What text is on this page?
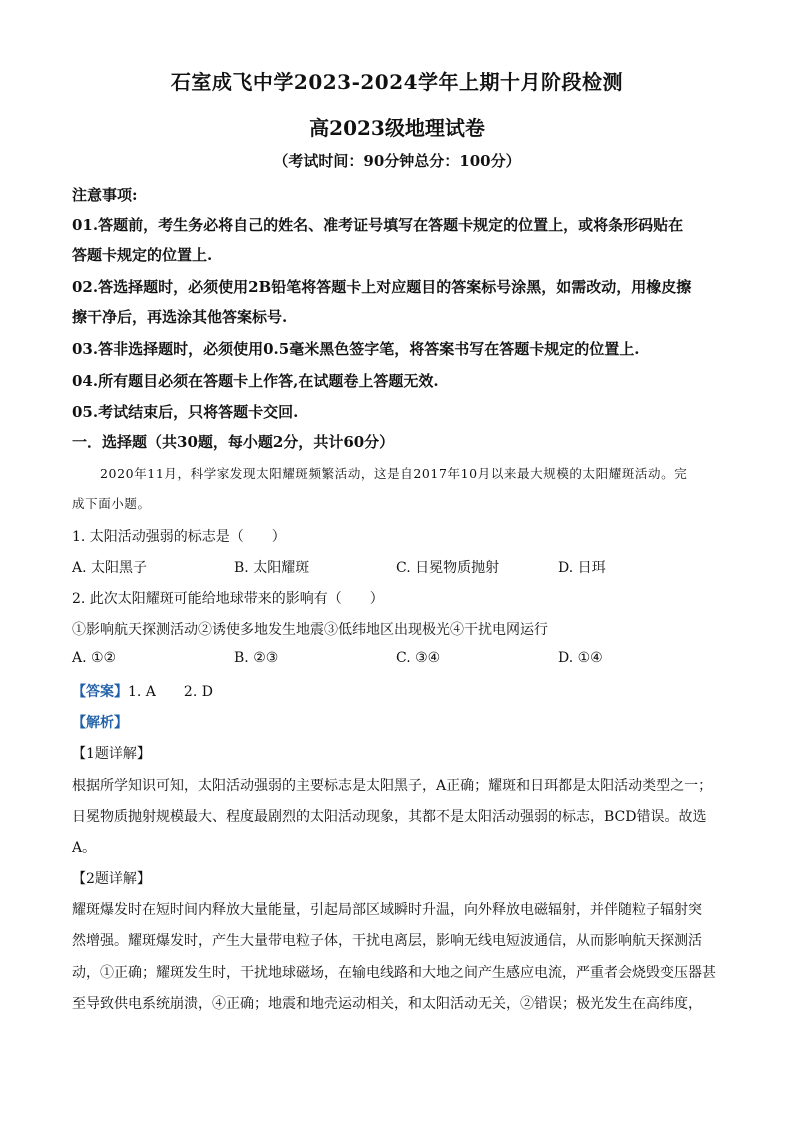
石室成飞中学2023-2024学年上期十月阶段检测
高2023级地理试卷
（考试时间：90分钟总分：100分）
注意事项:
01.答题前，考生务必将自己的姓名、准考证号填写在答题卡规定的位置上，或将条形码贴在
答题卡规定的位置上.
02.答选择题时，必须使用2B铅笔将答题卡上对应题目的答案标号涂黑，如需改动，用橡皮擦
擦干净后，再选涂其他答案标号.
03.答非选择题时，必须使用0.5毫米黑色签字笔，将答案书写在答题卡规定的位置上.
04.所有题目必须在答题卡上作答,在试题卷上答题无效.
05.考试结束后，只将答题卡交回.
一．选择题（共30题，每小题2分，共计60分）
2020年11月，科学家发现太阳耀斑频繁活动，这是自2017年10月以来最大规模的太阳耀斑活动。完
成下面小题。
1. 太阳活动强弱的标志是（　　）
A. 太阳黑子	B. 太阳耀斑	C. 日冕物质抛射	D. 日珥
2. 此次太阳耀斑可能给地球带来的影响有（　　）
①影响航天探测活动②诱使多地发生地震③低纬地区出现极光④干扰电网运行
A. ①②	B. ②③	C. ③④	D. ①④
【答案】1. A　　2. D
【解析】
【1题详解】
根据所学知识可知，太阳活动强弱的主要标志是太阳黑子，A正确；耀斑和日珥都是太阳活动类型之一；
日冕物质抛射规模最大、程度最剧烈的太阳活动现象，其都不是太阳活动强弱的标志，BCD错误。故选
A。
【2题详解】
耀斑爆发时在短时间内释放大量能量，引起局部区域瞬时升温，向外释放电磁辐射，并伴随粒子辐射突
然增强。耀斑爆发时，产生大量带电粒子体，干扰电离层，影响无线电短波通信，从而影响航天探测活
动，①正确；耀斑发生时，干扰地球磁场，在输电线路和大地之间产生感应电流，严重者会烧毁变压器甚
至导致供电系统崩溃，④正确；地震和地壳运动相关，和太阳活动无关，②错误；极光发生在高纬度，
